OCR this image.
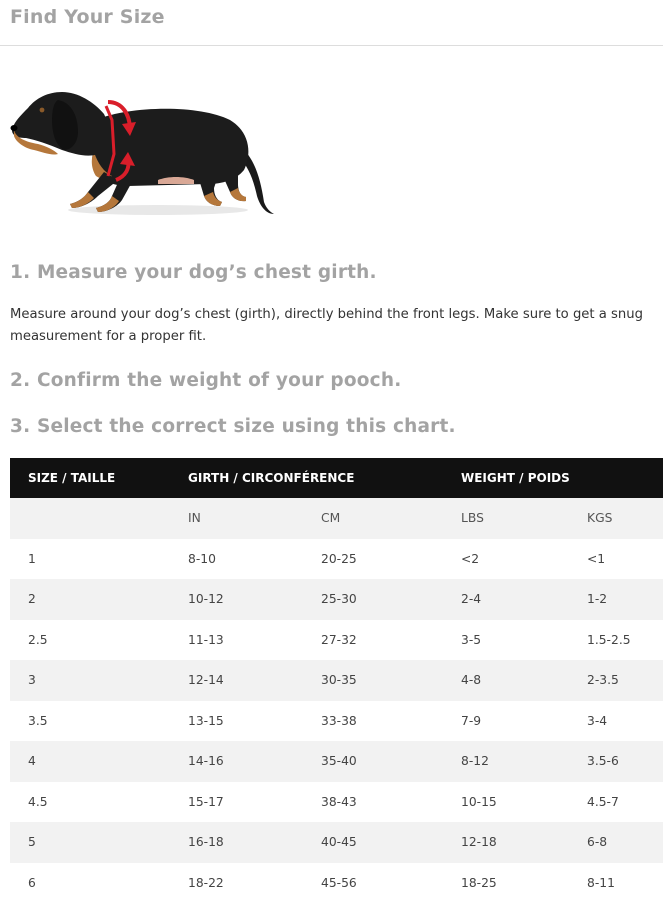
Find Your Size
1. Measure your dog’s chest girth.

Measure around your dog’s chest (girth), directly behind the front legs. Make sure to get a snug measurement for a proper fit.

2. Confirm the weight of your pooch.
3. Select the correct size using this chart.
SIZE / TAILLE	GIRTH / CIRCONFÉRENCE		WEIGHT / POIDS	
	IN	CM	LBS	KGS
1	8-10	20-25	<2	<1
2	10-12	25-30	2-4	1-2
2.5	11-13	27-32	3-5	1.5-2.5
3	12-14	30-35	4-8	2-3.5
3.5	13-15	33-38	7-9	3-4
4	14-16	35-40	8-12	3.5-6
4.5	15-17	38-43	10-15	4.5-7
5	16-18	40-45	12-18	6-8
6	18-22	45-56	18-25	8-11
